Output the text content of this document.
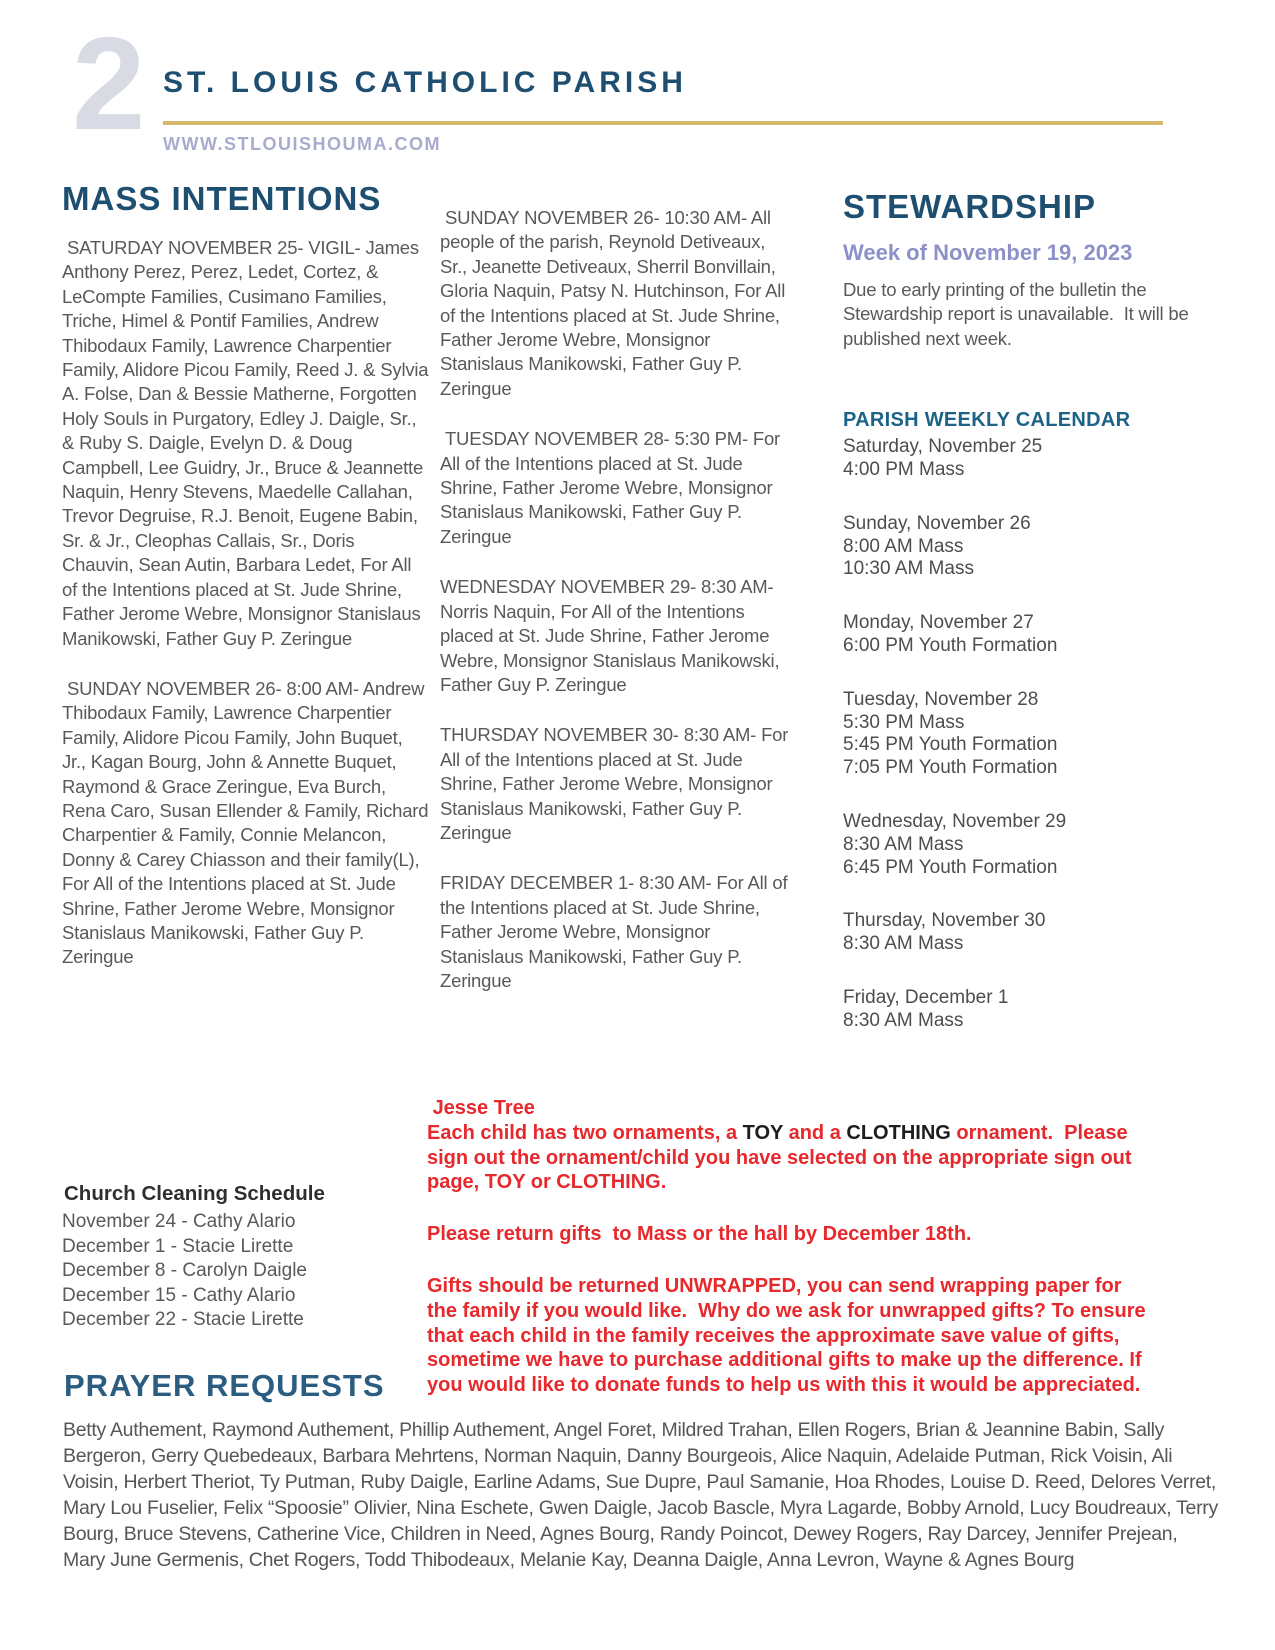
2 ST. LOUIS CATHOLIC PARISH
WWW.STLOUISHOUMA.COM
MASS INTENTIONS

SATURDAY NOVEMBER 25- VIGIL- James Anthony Perez, Perez, Ledet, Cortez, & LeCompte Families, Cusimano Families, Triche, Himel & Pontif Families, Andrew Thibodaux Family, Lawrence Charpentier Family, Alidore Picou Family, Reed J. & Sylvia A. Folse, Dan & Bessie Matherne, Forgotten Holy Souls in Purgatory, Edley J. Daigle, Sr., & Ruby S. Daigle, Evelyn D. & Doug Campbell, Lee Guidry, Jr., Bruce & Jeannette Naquin, Henry Stevens, Maedelle Callahan, Trevor Degruise, R.J. Benoit, Eugene Babin, Sr. & Jr., Cleophas Callais, Sr., Doris Chauvin, Sean Autin, Barbara Ledet, For All of the Intentions placed at St. Jude Shrine, Father Jerome Webre, Monsignor Stanislaus Manikowski, Father Guy P. Zeringue

SUNDAY NOVEMBER 26- 8:00 AM- Andrew Thibodaux Family, Lawrence Charpentier Family, Alidore Picou Family, John Buquet, Jr., Kagan Bourg, John & Annette Buquet, Raymond & Grace Zeringue, Eva Burch, Rena Caro, Susan Ellender & Family, Richard Charpentier & Family, Connie Melancon, Donny & Carey Chiasson and their family(L), For All of the Intentions placed at St. Jude Shrine, Father Jerome Webre, Monsignor Stanislaus Manikowski, Father Guy P. Zeringue

SUNDAY NOVEMBER 26- 10:30 AM- All people of the parish, Reynold Detiveaux, Sr., Jeanette Detiveaux, Sherril Bonvillain, Gloria Naquin, Patsy N. Hutchinson, For All of the Intentions placed at St. Jude Shrine, Father Jerome Webre, Monsignor Stanislaus Manikowski, Father Guy P. Zeringue

TUESDAY NOVEMBER 28- 5:30 PM- For All of the Intentions placed at St. Jude Shrine, Father Jerome Webre, Monsignor Stanislaus Manikowski, Father Guy P. Zeringue

WEDNESDAY NOVEMBER 29- 8:30 AM- Norris Naquin, For All of the Intentions placed at St. Jude Shrine, Father Jerome Webre, Monsignor Stanislaus Manikowski, Father Guy P. Zeringue

THURSDAY NOVEMBER 30- 8:30 AM- For All of the Intentions placed at St. Jude Shrine, Father Jerome Webre, Monsignor Stanislaus Manikowski, Father Guy P. Zeringue

FRIDAY DECEMBER 1- 8:30 AM- For All of the Intentions placed at St. Jude Shrine, Father Jerome Webre, Monsignor Stanislaus Manikowski, Father Guy P. Zeringue

STEWARDSHIP
Week of November 19, 2023

Due to early printing of the bulletin the Stewardship report is unavailable.  It will be published next week.

PARISH WEEKLY CALENDAR
Saturday, November 25
4:00 PM Mass
Sunday, November 26
8:00 AM Mass
10:30 AM Mass
Monday, November 27
6:00 PM Youth Formation
Tuesday, November 28
5:30 PM Mass
5:45 PM Youth Formation
7:05 PM Youth Formation
Wednesday, November 29
8:30 AM Mass
6:45 PM Youth Formation
Thursday, November 30
8:30 AM Mass
Friday, December 1
8:30 AM Mass
Church Cleaning Schedule
November 24 - Cathy Alario
December 1 - Stacie Lirette
December 8 - Carolyn Daigle
December 15 - Cathy Alario
December 22 - Stacie Lirette
Jesse Tree

Each child has two ornaments, a TOY and a CLOTHING ornament.  Please sign out the ornament/child you have selected on the appropriate sign out page, TOY or CLOTHING.

Please return gifts  to Mass or the hall by December 18th.

Gifts should be returned UNWRAPPED, you can send wrapping paper for the family if you would like.  Why do we ask for unwrapped gifts? To ensure that each child in the family receives the approximate save value of gifts, sometime we have to purchase additional gifts to make up the difference. If you would like to donate funds to help us with this it would be appreciated.

PRAYER REQUESTS
Betty Authement, Raymond Authement, Phillip Authement, Angel Foret, Mildred Trahan, Ellen Rogers, Brian & Jeannine Babin, Sally Bergeron, Gerry Quebedeaux, Barbara Mehrtens, Norman Naquin, Danny Bourgeois, Alice Naquin, Adelaide Putman, Rick Voisin, Ali Voisin, Herbert Theriot, Ty Putman, Ruby Daigle, Earline Adams, Sue Dupre, Paul Samanie, Hoa Rhodes, Louise D. Reed, Delores Verret, Mary Lou Fuselier, Felix “Spoosie” Olivier, Nina Eschete, Gwen Daigle, Jacob Bascle, Myra Lagarde, Bobby Arnold, Lucy Boudreaux, Terry Bourg, Bruce Stevens, Catherine Vice, Children in Need, Agnes Bourg, Randy Poincot, Dewey Rogers, Ray Darcey, Jennifer Prejean, Mary June Germenis, Chet Rogers, Todd Thibodeaux, Melanie Kay, Deanna Daigle, Anna Levron, Wayne & Agnes Bourg
